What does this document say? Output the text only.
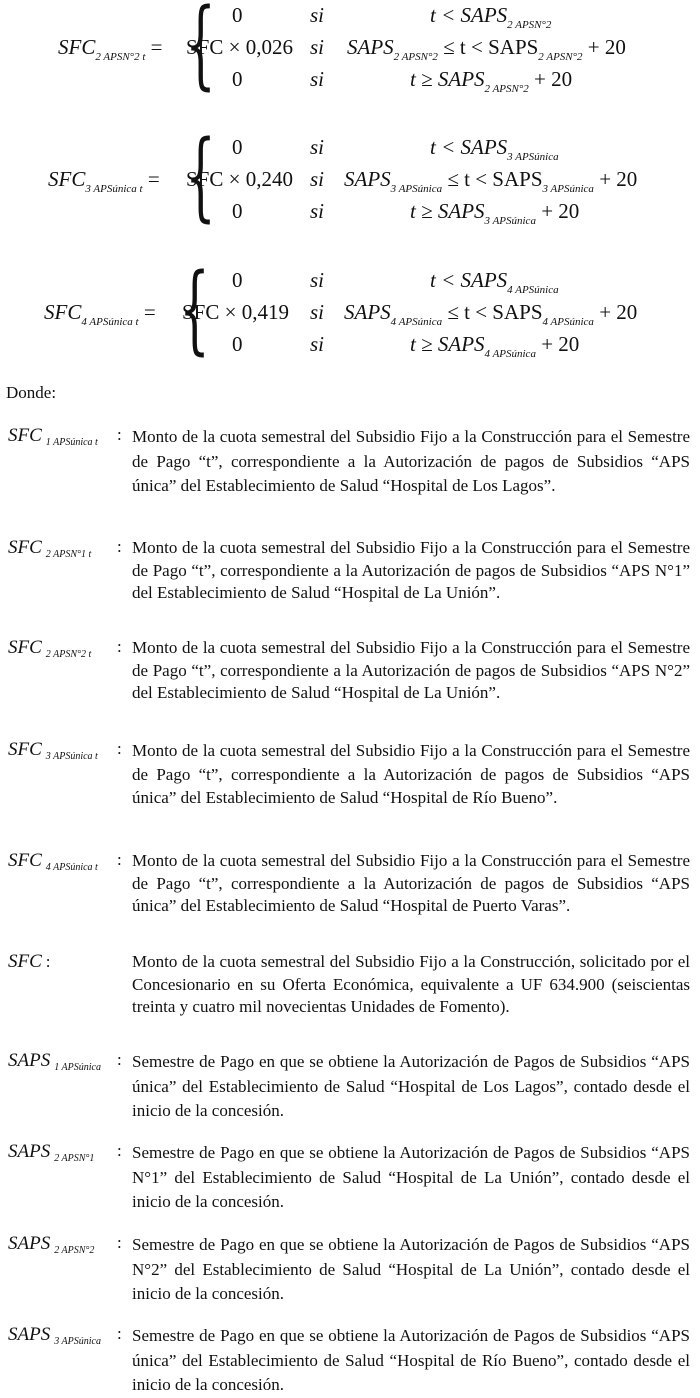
$SFC_{2 APSN^\circ 2 t}$ = { 0	si	$t < SAPS_{2 APSN^\circ 2}$
SFC × 0,026 si $SAPS_{2 APSN^\circ 2} \le t$ < $SAPS_{2 APSN^\circ 2} + 20$
0	si	$t \ge SAPS_{2 APSN^\circ 2} + 20$
$SFC_{3 APSúnica t}$ = { 0	si	$t < SAPS_{3 APSúnica}$
SFC × 0,240 si $SAPS_{3 APSúnica} \le t$ < $SAPS_{3 APSúnica} + 20$
0	si	$t \ge SAPS_{3 APSúnica} + 20$
$SFC_{4 APSúnica t}$ = { 0	si	$t < SAPS_{4 APSúnica}$
SFC × 0,419 si $SAPS_{4 APSúnica} \le t$ < $SAPS_{4 APSúnica} + 20$
0	si	$t \ge SAPS_{4 APSúnica} + 20$
Donde:
SFC $_{1 APSúnica t}$ : Monto de la cuota semestral del Subsidio Fijo a la Construcción para el Semestre de Pago “t”, correspondiente a la Autorización de pagos de Subsidios “APS única” del Establecimiento de Salud “Hospital de Los Lagos”.
SFC $_{2 APSN^\circ 1 t}$ : Monto de la cuota semestral del Subsidio Fijo a la Construcción para el Semestre de Pago “t”, correspondiente a la Autorización de pagos de Subsidios “APS N°1” del Establecimiento de Salud “Hospital de La Unión”.
SFC $_{2 APSN^\circ 2 t}$ : Monto de la cuota semestral del Subsidio Fijo a la Construcción para el Semestre de Pago “t”, correspondiente a la Autorización de pagos de Subsidios “APS N°2” del Establecimiento de Salud “Hospital de La Unión”.
SFC $_{3 APSúnica t}$ : Monto de la cuota semestral del Subsidio Fijo a la Construcción para el Semestre de Pago “t”, correspondiente a la Autorización de pagos de Subsidios “APS única” del Establecimiento de Salud “Hospital de Río Bueno”.
SFC $_{4 APSúnica t}$ : Monto de la cuota semestral del Subsidio Fijo a la Construcción para el Semestre de Pago “t”, correspondiente a la Autorización de pagos de Subsidios “APS única” del Establecimiento de Salud “Hospital de Puerto Varas”.
SFC :	Monto de la cuota semestral del Subsidio Fijo a la Construcción, solicitado por el Concesionario en su Oferta Económica, equivalente a UF 634.900 (seiscientas treinta y cuatro mil novecientas Unidades de Fomento).
SAPS $_{1 APSúnica}$ : Semestre de Pago en que se obtiene la Autorización de Pagos de Subsidios “APS única” del Establecimiento de Salud “Hospital de Los Lagos”, contado desde el inicio de la concesión.
SAPS $_{2 APSN^\circ 1}$ : Semestre de Pago en que se obtiene la Autorización de Pagos de Subsidios “APS N°1” del Establecimiento de Salud “Hospital de La Unión”, contado desde el inicio de la concesión.
SAPS $_{2 APSN^\circ 2}$ : Semestre de Pago en que se obtiene la Autorización de Pagos de Subsidios “APS N°2” del Establecimiento de Salud “Hospital de La Unión”, contado desde el inicio de la concesión.
SAPS $_{3 APSúnica}$ : Semestre de Pago en que se obtiene la Autorización de Pagos de Subsidios “APS única” del Establecimiento de Salud “Hospital de Río Bueno”, contado desde el inicio de la concesión.
